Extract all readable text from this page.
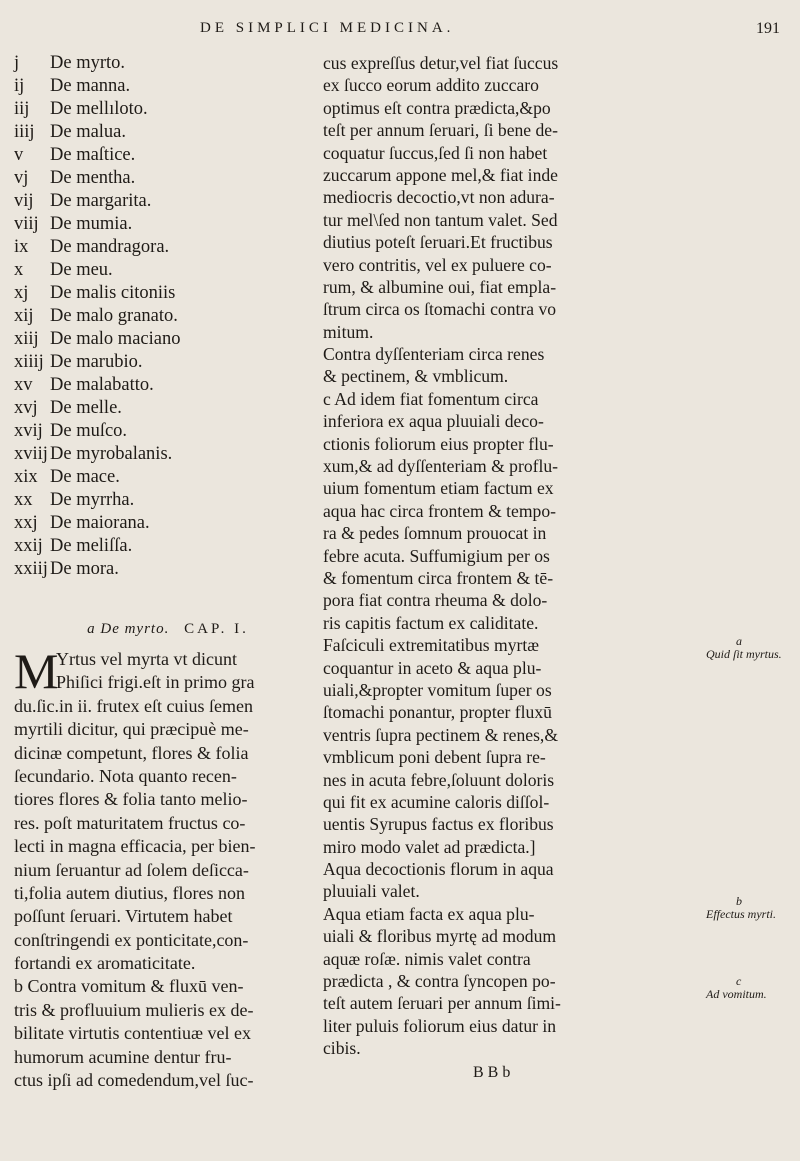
DE SIMPLICI MEDICINA.	191
j De myrto.
ij De manna.
iij De mellıloto.
iiij De malua.
v De maſtice.
vj De mentha.
vij De margarita.
viij De mumia.
ix De mandragora.
x De meu.
xj De malis citoniis
xij De malo granato.
xiij De malo maciano
xiiij De marubio.
xv De malabatto.
xvj De melle.
xvij De muſco.
xviij De myrobalanis.
xix De mace.
xx De myrrha.
xxj De maiorana.
xxij De meliſſa.
xxiij De mora.
a De myrto. CAP. I.
M
Yrtus vel myrta vt dicunt
Phiſici frigi.eſt in primo gra
du.ſic.in ii. frutex eſt cuius ſemen
myrtili dicitur, qui præcipuè me-
dicinæ competunt, flores & folia
ſecundario. Nota quanto recen-
tiores flores & folia tanto melio-
res. poſt maturitatem fructus co-
lecti in magna efficacia, per bien-
nium ſeruantur ad ſolem deſicca-
ti,folia autem diutius, flores non
poſſunt ſeruari. Virtutem habet
conſtringendi ex ponticitate,con-
fortandi ex aromaticitate.
b Contra vomitum & fluxū ven-
tris & profluuium mulieris ex de-
bilitate virtutis contentiuæ vel ex
humorum acumine dentur fru-
ctus ipſi ad comedendum,vel ſuc-
cus expreſſus detur,vel fiat ſuccus
ex ſucco eorum addito zuccaro
optimus eſt contra prædicta,&po
teſt per annum ſeruari, ſi bene de-
coquatur ſuccus,ſed ſi non habet
zuccarum appone mel,& fiat inde
mediocris decoctio,vt non adura-
tur mel\ſed non tantum valet. Sed
diutius poteſt ſeruari.Et fructibus
vero contritis, vel ex puluere co-
rum, & albumine oui, fiat empla-
ſtrum circa os ſtomachi contra vo
mitum.
Contra dyſſenteriam circa renes
& pectinem, & vmblicum.
c Ad idem fiat fomentum circa
inferiora ex aqua pluuiali deco-
ctionis foliorum eius propter flu-
xum,& ad dyſſenteriam & proflu-
uium fomentum etiam factum ex
aqua hac circa frontem & tempo-
ra & pedes ſomnum prouocat in
febre acuta. Suffumigium per os
& fomentum circa frontem & tē-
pora fiat contra rheuma & dolo-
ris capitis factum ex caliditate.
Faſciculi extremitatibus myrtæ
coquantur in aceto & aqua plu-
uiali,&propter vomitum ſuper os
ſtomachi ponantur, propter fluxū
ventris ſupra pectinem & renes,&
vmblicum poni debent ſupra re-
nes in acuta febre,ſoluunt doloris
qui fit ex acumine caloris diſſol-
uentis Syrupus factus ex floribus
miro modo valet ad prædicta.]
Aqua decoctionis florum in aqua
pluuiali valet.
Aqua etiam facta ex aqua plu-
uiali & floribus myrtę ad modum
aquæ roſæ. nimis valet contra
prædicta , & contra ſyncopen po-
teſt autem ſeruari per annum ſimi-
liter puluis foliorum eius datur in
cibis.
B B b
a
Quid ſit myrtus.
b
Effectus myrti.
c
Ad vomitum.
